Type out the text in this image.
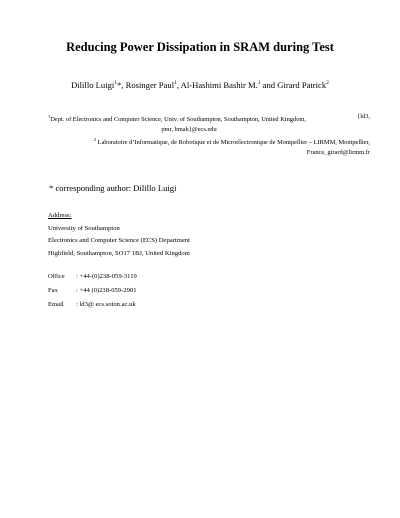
Reducing Power Dissipation in SRAM during Test
Dilillo Luigi$^1$*, Rosinger Paul$^1$, Al-Hashimi Bashir M.$^1$ and Girard Patrick$^2$
$^1$Dept. of Electronics and Computer Science, Univ. of Southampton, Southampton, United Kingdom,	{ld3,
pmr, bmah}@ecs.edu
$^2$ Laboratoire d’Informatique, de Robotique et de Microélectronique de Montpellier – LIRMM, Montpellier,
France, girard@lirmm.fr
* corresponding author: Dilillo Luigi
Address:
University of Southampton
Electronics and Computer Science (ECS) Department
Highfield, Southampton, SO17 1BJ, United Kingdom
Office	: +44-(0)238-059-3119
Fax	: +44 (0)238-059-2901
Email	: ld3@ ecs.soton.ac.uk
